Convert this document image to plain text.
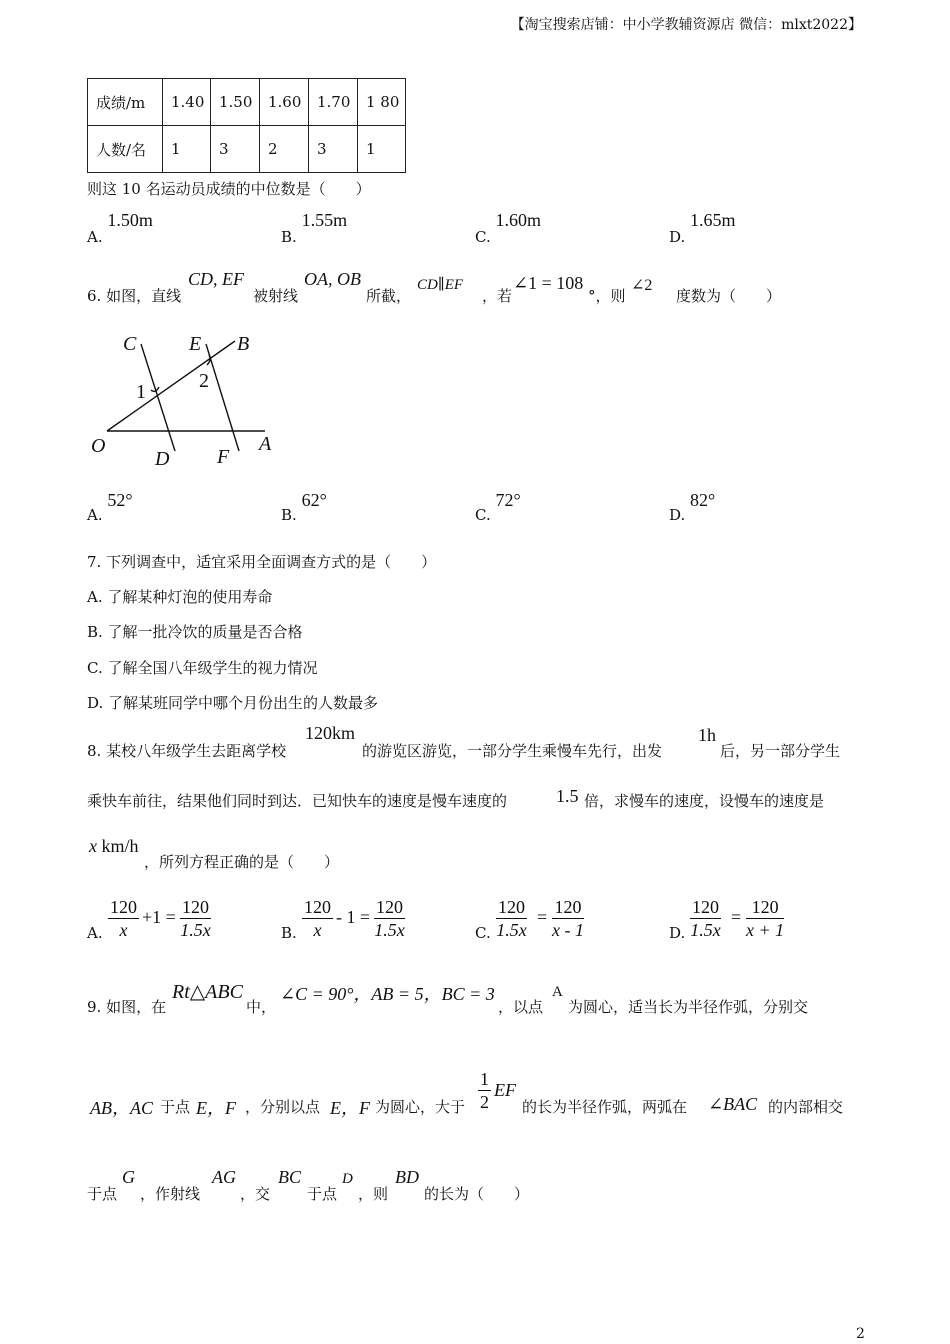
【淘宝搜索店铺：中小学教辅资源店 微信：mlxt2022】
成绩/m	1.40	1.50	1.60	1.70	1 80
人数/名	1	3	2	3	1
则这 10 名运动员成绩的中位数是（　　）
A. 1.50m
B. 1.55m
C. 1.60m
D. 1.65m
6. 如图，直线
CD, EF
被射线
OA, OB
所截，
CD∥EF
，若
∠1 = 108
°，则
∠2
度数为（　　）
C	E B
O
D F
A
1	2
A. 52°
B. 62°
C. 72°
D. 82°
7. 下列调查中，适宜采用全面调查方式的是（　　）
A. 了解某种灯泡的使用寿命
B. 了解一批冷饮的质量是否合格
C. 了解全国八年级学生的视力情况
D. 了解某班同学中哪个月份出生的人数最多
8. 某校八年级学生去距离学校
120km
的游览区游览，一部分学生乘慢车先行，出发
1h
后，另一部分学生
乘快车前往，结果他们同时到达．已知快车的速度是慢车速度的	1.5 倍，求慢车的速度，设慢车的速度是
x km/h
，所列方程正确的是（　　）
A. $\frac{120}{x} +1 = \frac{120}{1.5x}$	B. $\frac{120}{x} - 1 = \frac{120}{1.5x}$	C. $\frac{120}{1.5x} = \frac{120}{x - 1}$	D. $\frac{120}{1.5x} = \frac{120}{x + 1}$
9. 如图，在
Rt△ABC
中，
∠C = 90°，AB = 5，BC = 3
，以点
A
为圆心，适当长为半径作弧，分别交
AB，AC 于点 E，F ，分别以点 E，F 为圆心，大于 $\frac{1}{2}$ EF
的长为半径作弧，两弧在 ∠BAC 的内部相交
于点
G
，作射线
AG
，交
BC
于点
D
，则
BD
的长为（　　）
2
